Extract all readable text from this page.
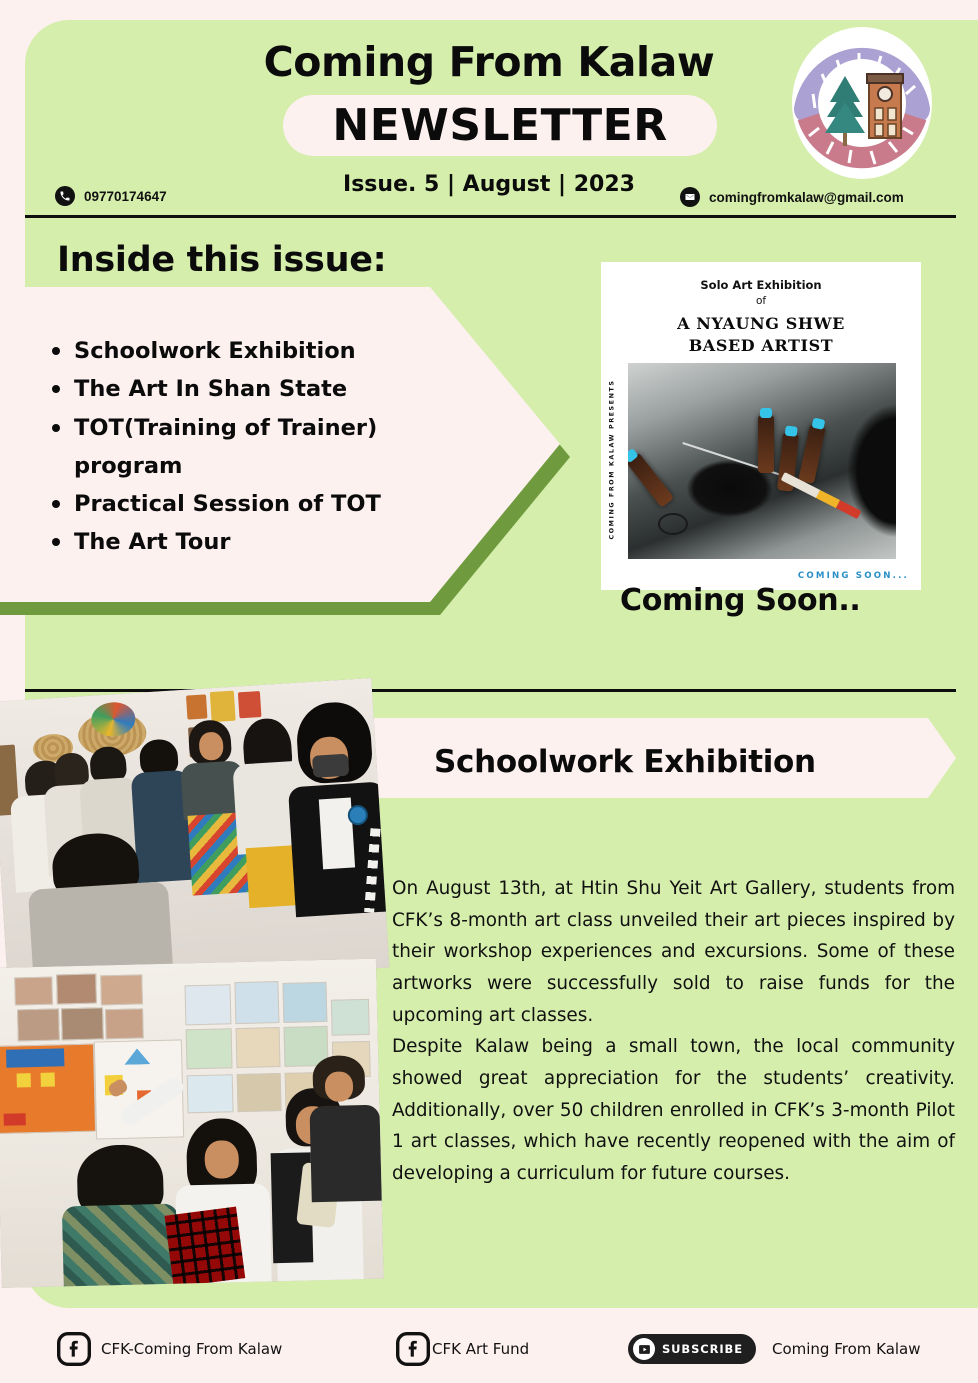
Coming From Kalaw
NEWSLETTER
Issue. 5 | August | 2023
09770174647	comingfromkalaw@gmail.com
Inside this issue:
Schoolwork Exhibition
The Art In Shan State
TOT(Training of Trainer) program
Practical Session of TOT
The Art Tour
Solo Art Exhibition
of
A NYAUNG SHWE
BASED ARTIST
COMING FROM KALAW PRESENTS
COMING SOON...
Coming Soon..
Schoolwork Exhibition

On August 13th, at Htin Shu Yeit Art Gallery, students from CFK’s 8-month art class unveiled their art pieces inspired by their workshop experiences and excursions. Some of these artworks were successfully sold to raise funds for the upcoming art classes.

Despite Kalaw being a small town, the local community showed great appreciation for the students’ creativity. Additionally, over 50 children enrolled in CFK’s 3-month Pilot 1 art classes, which have recently reopened with the aim of developing a curriculum for future courses.

CFK-Coming From Kalaw	CFK Art Fund	SUBSCRIBE Coming From Kalaw
